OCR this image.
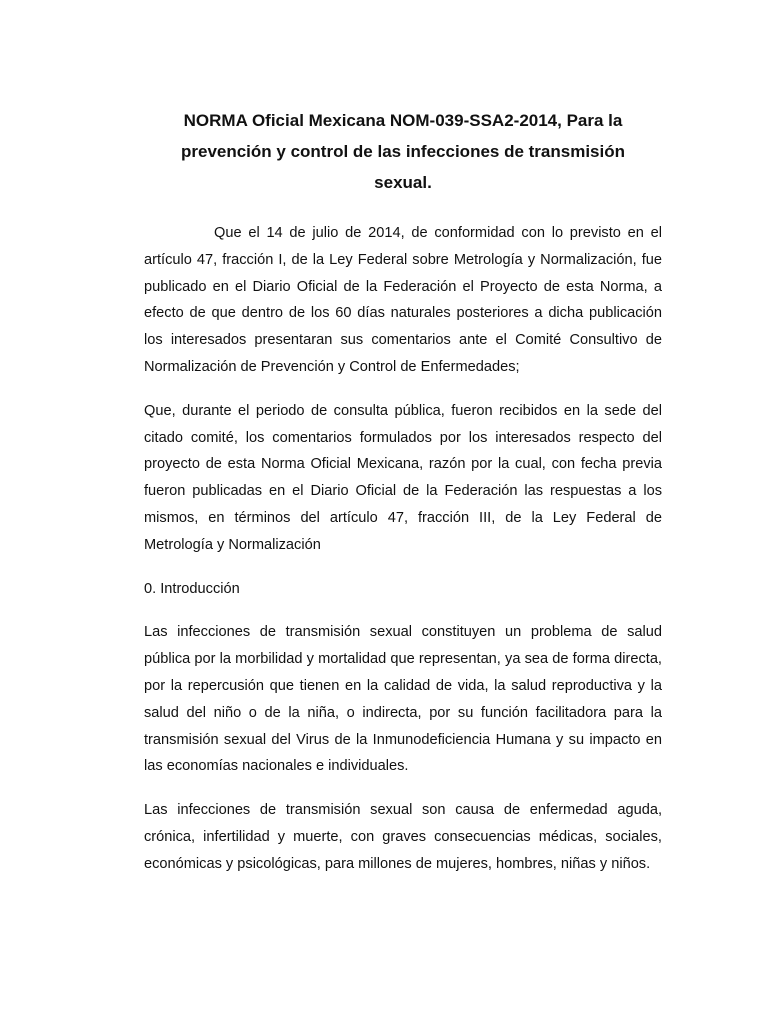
NORMA Oficial Mexicana NOM-039-SSA2-2014, Para la prevención y control de las infecciones de transmisión sexual.

Que el 14 de julio de 2014, de conformidad con lo previsto en el artículo 47, fracción I, de la Ley Federal sobre Metrología y Normalización, fue publicado en el Diario Oficial de la Federación el Proyecto de esta Norma, a efecto de que dentro de los 60 días naturales posteriores a dicha publicación los interesados presentaran sus comentarios ante el Comité Consultivo de Normalización de Prevención y Control de Enfermedades;

Que, durante el periodo de consulta pública, fueron recibidos en la sede del citado comité, los comentarios formulados por los interesados respecto del proyecto de esta Norma Oficial Mexicana, razón por la cual, con fecha previa fueron publicadas en el Diario Oficial de la Federación las respuestas a los mismos, en términos del artículo 47, fracción III, de la Ley Federal de Metrología y Normalización

0. Introducción

Las infecciones de transmisión sexual constituyen un problema de salud pública por la morbilidad y mortalidad que representan, ya sea de forma directa, por la repercusión que tienen en la calidad de vida, la salud reproductiva y la salud del niño o de la niña, o indirecta, por su función facilitadora para la transmisión sexual del Virus de la Inmunodeficiencia Humana y su impacto en las economías nacionales e individuales.

Las infecciones de transmisión sexual son causa de enfermedad aguda, crónica, infertilidad y muerte, con graves consecuencias médicas, sociales, económicas y psicológicas, para millones de mujeres, hombres, niñas y niños.
